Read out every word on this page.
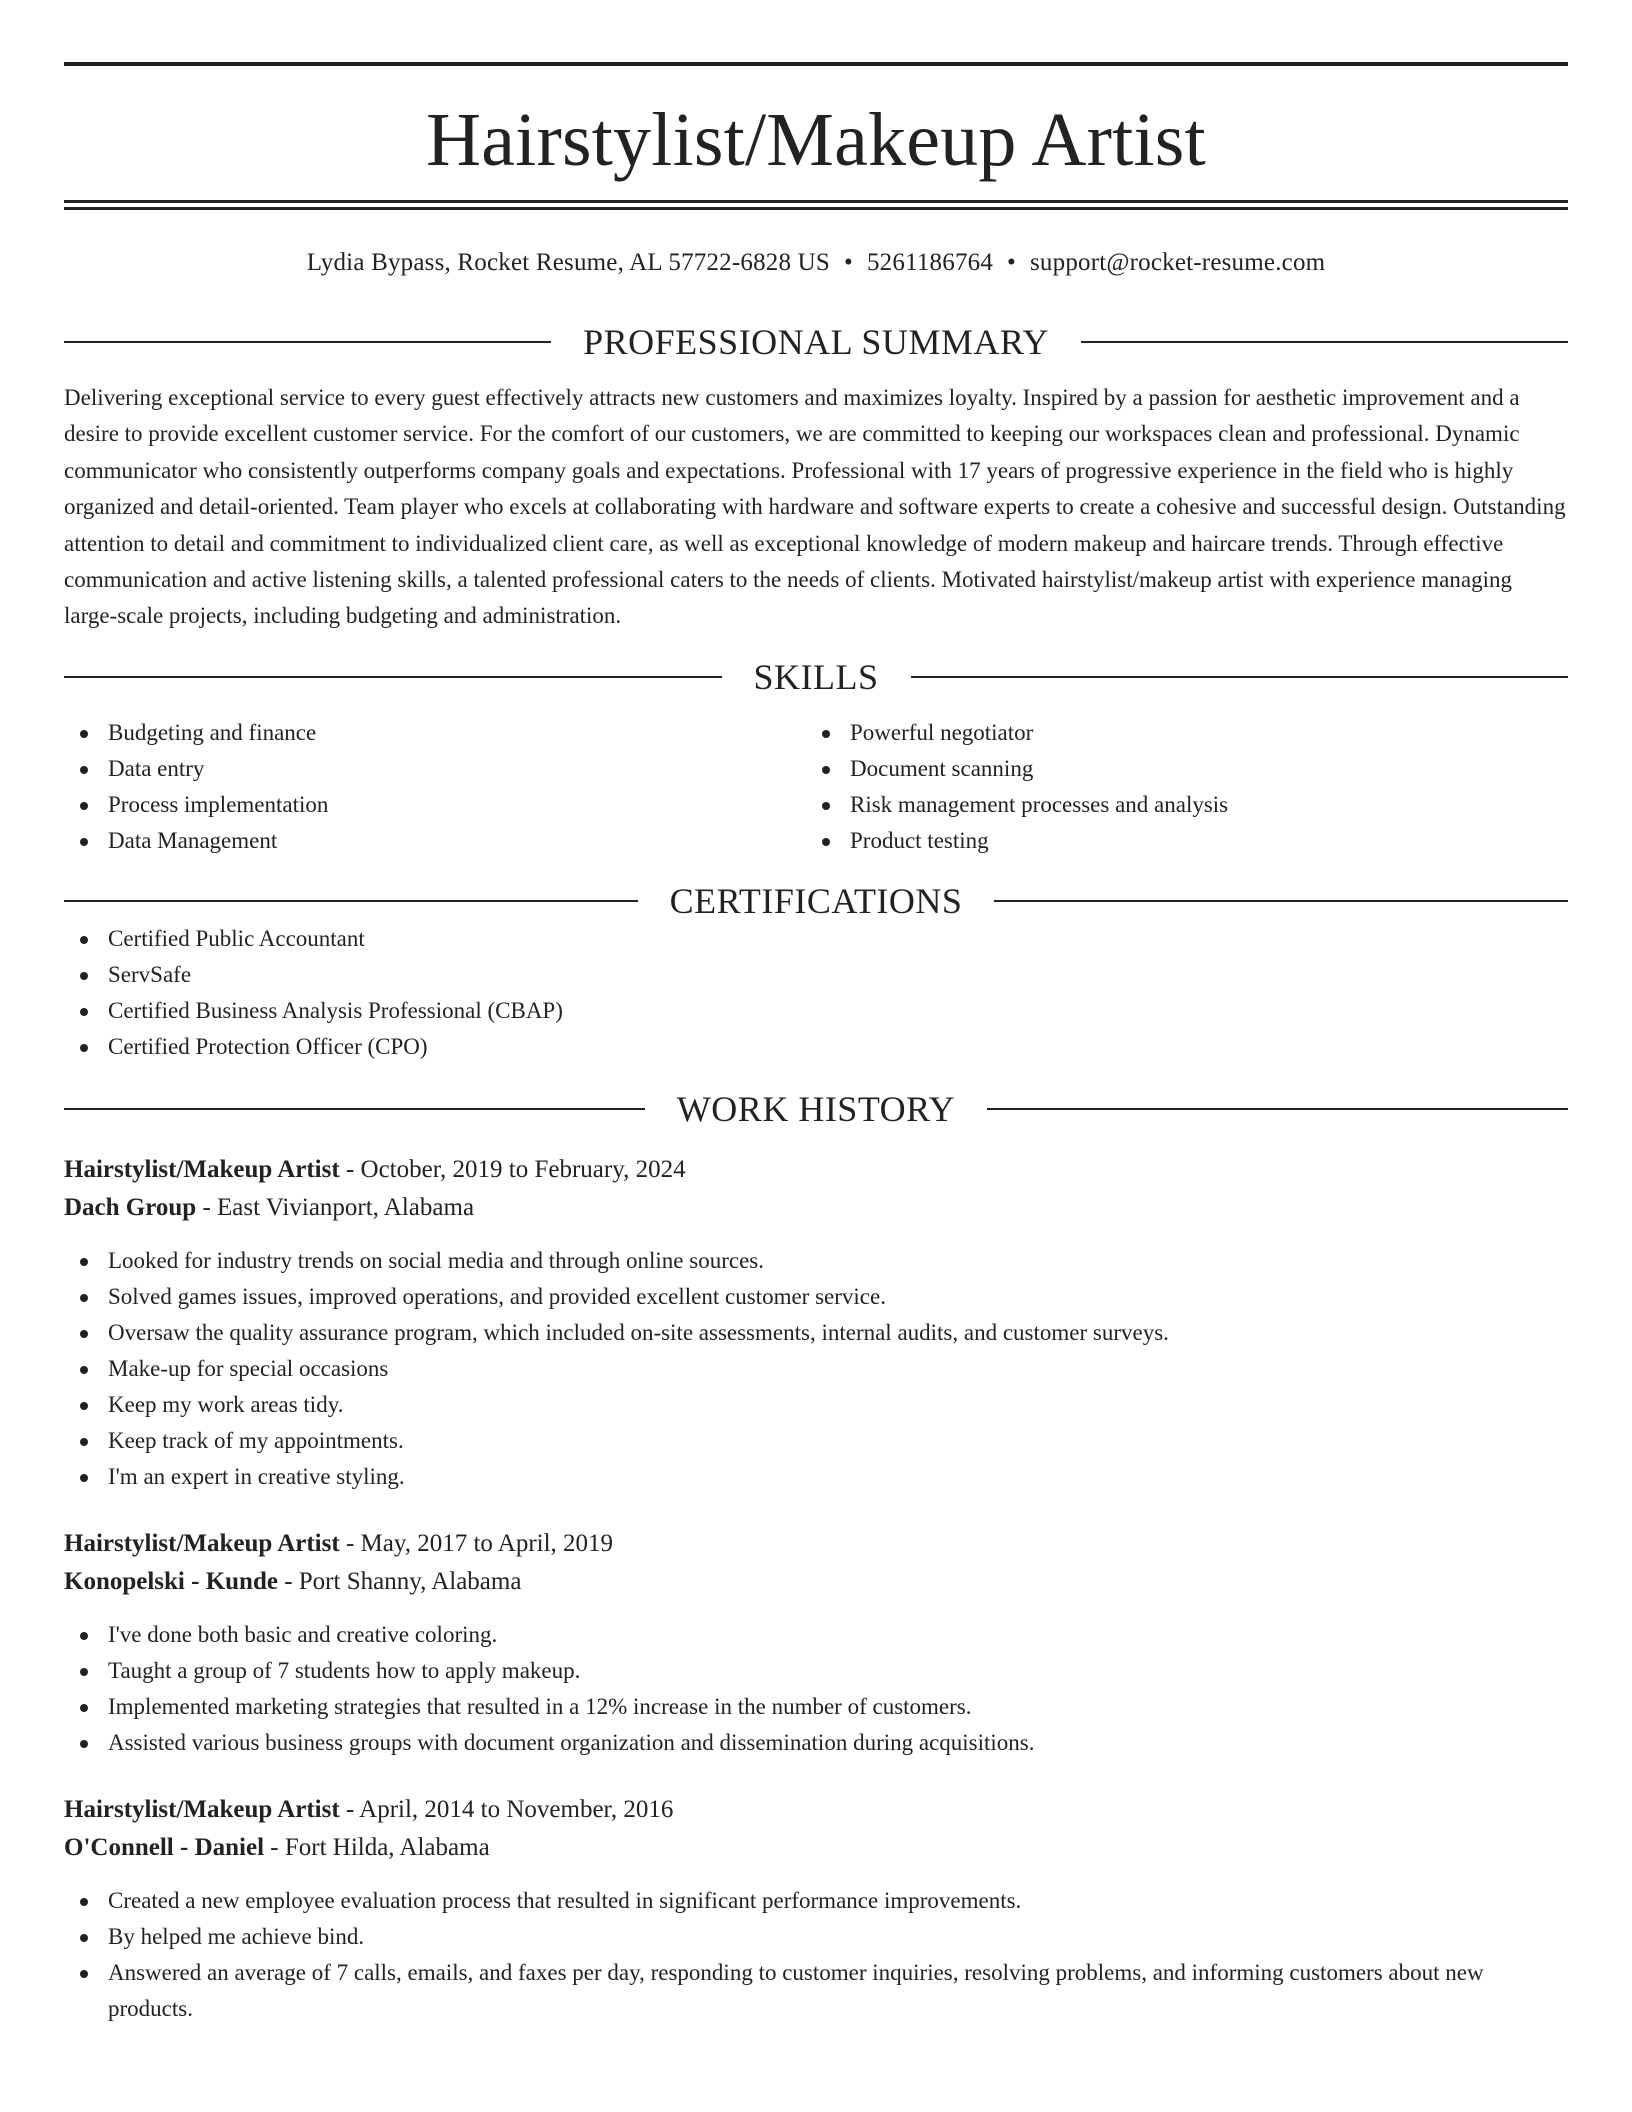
Hairstylist/Makeup Artist
Lydia Bypass, Rocket Resume, AL 57722-6828 US • 5261186764 • support@rocket-resume.com
PROFESSIONAL SUMMARY

Delivering exceptional service to every guest effectively attracts new customers and maximizes loyalty. Inspired by a passion for aesthetic improvement and a desire to provide excellent customer service. For the comfort of our customers, we are committed to keeping our workspaces clean and professional. Dynamic communicator who consistently outperforms company goals and expectations. Professional with 17 years of progressive experience in the field who is highly organized and detail-oriented. Team player who excels at collaborating with hardware and software experts to create a cohesive and successful design. Outstanding attention to detail and commitment to individualized client care, as well as exceptional knowledge of modern makeup and haircare trends. Through effective communication and active listening skills, a talented professional caters to the needs of clients. Motivated hairstylist/makeup artist with experience managing large-scale projects, including budgeting and administration.

SKILLS
Budgeting and finance
Data entry
Process implementation
Data Management
Powerful negotiator
Document scanning
Risk management processes and analysis
Product testing
CERTIFICATIONS
Certified Public Accountant
ServSafe
Certified Business Analysis Professional (CBAP)
Certified Protection Officer (CPO)
WORK HISTORY
Hairstylist/Makeup Artist - October, 2019 to February, 2024
Dach Group - East Vivianport, Alabama
Looked for industry trends on social media and through online sources.
Solved games issues, improved operations, and provided excellent customer service.
Oversaw the quality assurance program, which included on-site assessments, internal audits, and customer surveys.
Make-up for special occasions
Keep my work areas tidy.
Keep track of my appointments.
I'm an expert in creative styling.
Hairstylist/Makeup Artist - May, 2017 to April, 2019
Konopelski - Kunde - Port Shanny, Alabama
I've done both basic and creative coloring.
Taught a group of 7 students how to apply makeup.
Implemented marketing strategies that resulted in a 12% increase in the number of customers.
Assisted various business groups with document organization and dissemination during acquisitions.
Hairstylist/Makeup Artist - April, 2014 to November, 2016
O'Connell - Daniel - Fort Hilda, Alabama
Created a new employee evaluation process that resulted in significant performance improvements.
By helped me achieve bind.
Answered an average of 7 calls, emails, and faxes per day, responding to customer inquiries, resolving problems, and informing customers about new products.
